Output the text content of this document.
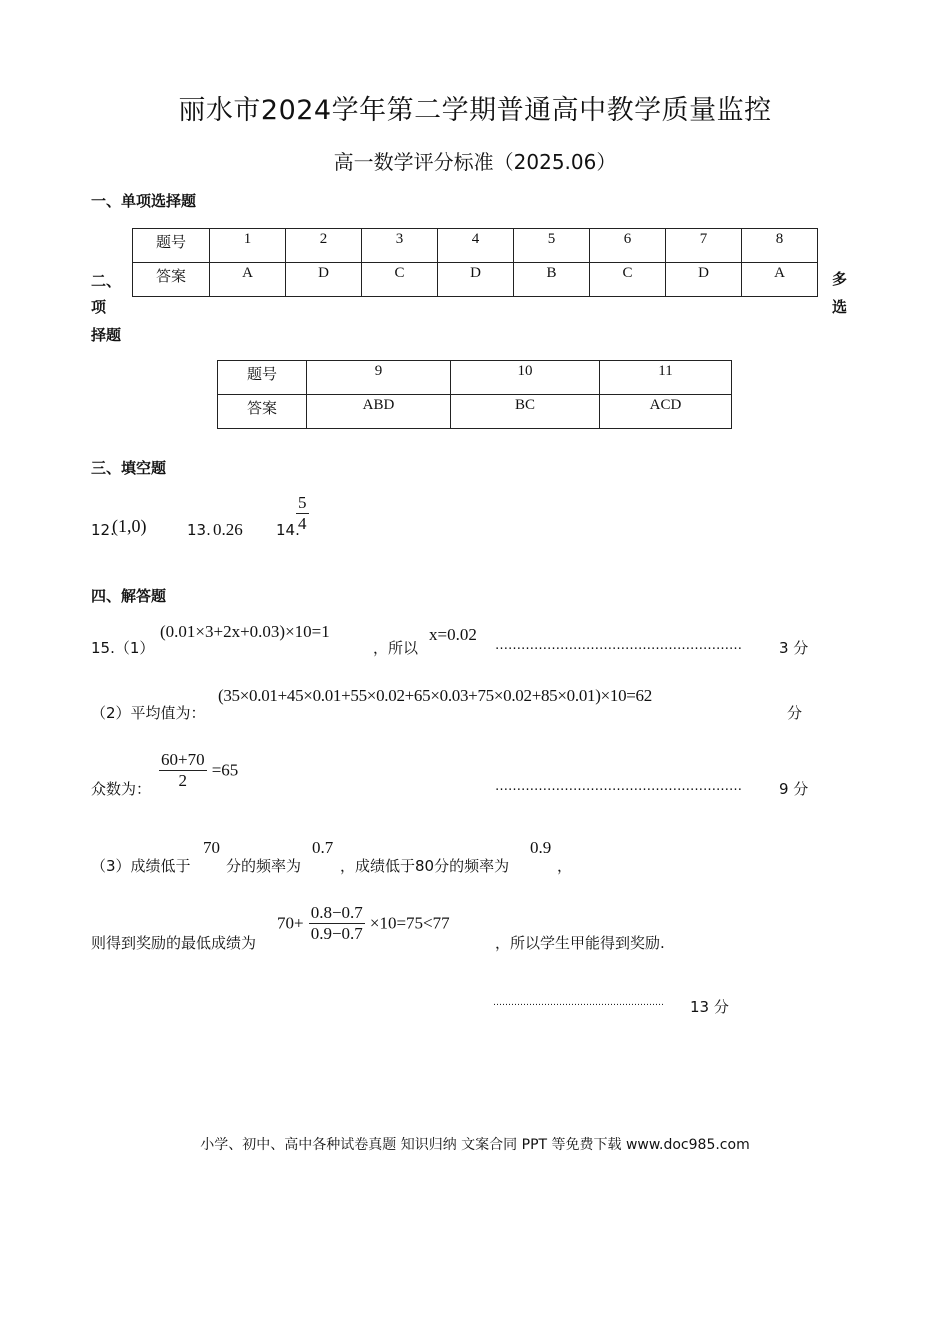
丽水市2024学年第二学期普通高中教学质量监控
高一数学评分标准（2025.06）
一、单项选择题
题号	1	2	3	4	5	6	7	8
答案	A	D	C	D	B	C	D	A
二、
项
择题
多
选
题号	9	10	11
答案	ABD	BC	ACD
三、填空题
12.
(1,0)	13. 0.26 14.
$\frac{5}{4}$
四、解答题
15.（1）
(0.01×3+2x+0.03)×10=1
，所以
x=0.02
………………………………………………… 3 分
（2）平均值为：
(35×0.01+45×0.01+55×0.02+65×0.03+75×0.02+85×0.01)×10=62
分
众数为： $\frac{60+70}{2} =65$
………………………………………………… 9 分
（3）成绩低于
70
分的频率为
0.7
，成绩低于80分的频率为
0.9
，
则得到奖励的最低成绩为
$70+ \frac{0.8-0.7}{0.9-0.7} \times 10=75<77$
，所以学生甲能得到奖励.
………………………………………………… 13 分
小学、初中、高中各种试卷真题 知识归纳 文案合同 PPT 等免费下载 www.doc985.com
